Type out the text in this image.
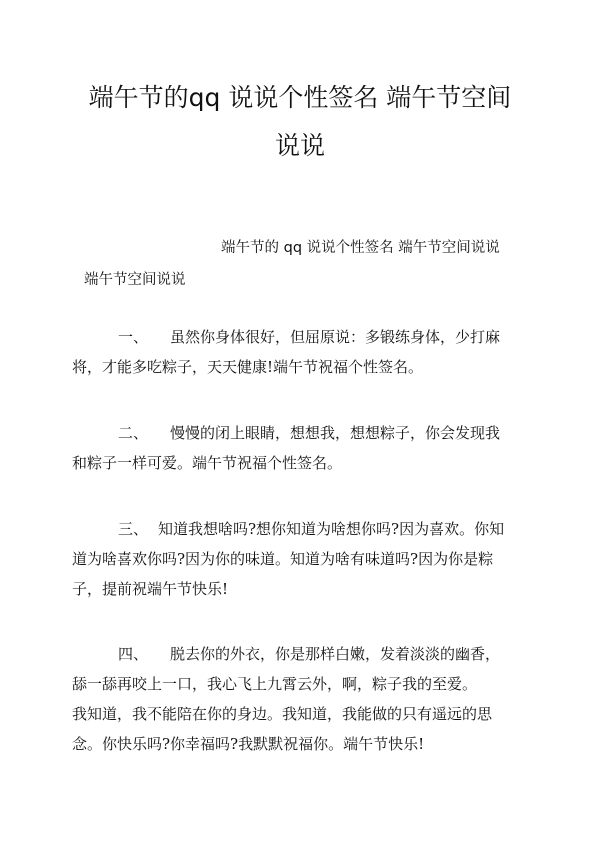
端午节的qq 说说个性签名 端午节空间
说说
端午节的 qq 说说个性签名 端午节空间说说
端午节空间说说
一、 虽然你身体很好，但屈原说：多锻练身体，少打麻
将，才能多吃粽子，天天健康!端午节祝福个性签名。
二、 慢慢的闭上眼睛，想想我，想想粽子，你会发现我
和粽子一样可爱。端午节祝福个性签名。
三、 知道我想啥吗?想你知道为啥想你吗?因为喜欢。你知
道为啥喜欢你吗?因为你的味道。知道为啥有味道吗?因为你是粽
子，提前祝端午节快乐!
四、 脱去你的外衣，你是那样白嫩，发着淡淡的幽香，
舔一舔再咬上一口，我心飞上九霄云外，啊，粽子我的至爱。
我知道，我不能陪在你的身边。我知道，我能做的只有遥远的思
念。你快乐吗?你幸福吗?我默默祝福你。端午节快乐!
